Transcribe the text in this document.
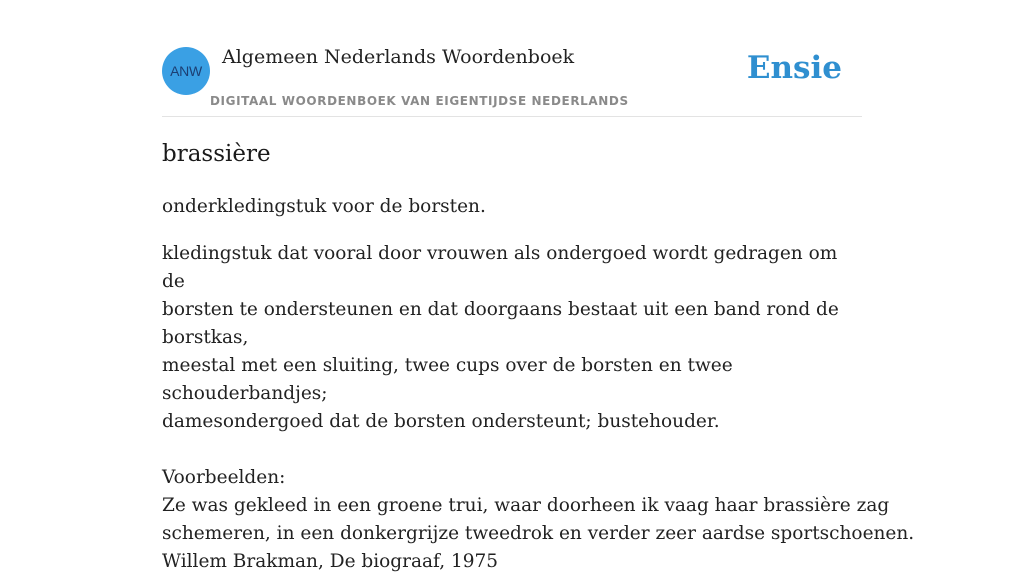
ANW
Algemeen Nederlands Woordenboek
DIGITAAL WOORDENBOEK VAN EIGENTIJDSE NEDERLANDS
Ensie
brassière

onderkledingstuk voor de borsten.

kledingstuk dat vooral door vrouwen als ondergoed wordt gedragen om de
borsten te ondersteunen en dat doorgaans bestaat uit een band rond de borstkas,
meestal met een sluiting, twee cups over de borsten en twee schouderbandjes;
damesondergoed dat de borsten ondersteunt; bustehouder.

Voorbeelden:
Ze was gekleed in een groene trui, waar doorheen ik vaag haar brassière zag
schemeren, in een donkergrijze tweedrok en verder zeer aardse sportschoenen.
Willem Brakman, De biograaf, 1975
